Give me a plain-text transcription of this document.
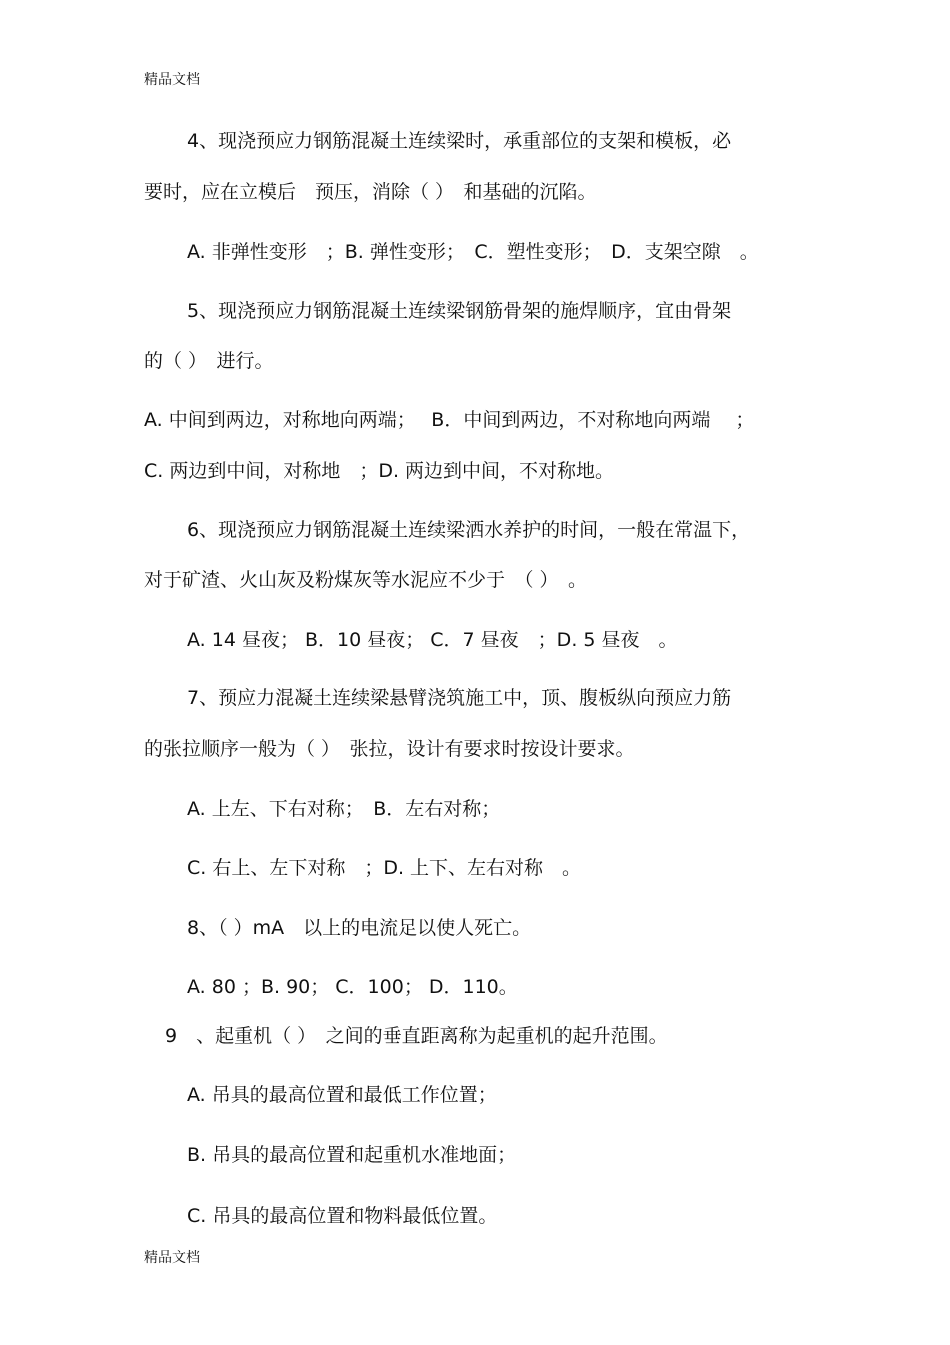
精品文档
4、现浇预应力钢筋混凝土连续梁时，承重部位的支架和模板，必
要时，应在立模后　预压，消除（ ）　和基础的沉陷。
A. 非弹性变形　；B. 弹性变形；　C．塑性变形；　D．支架空隙　。
5、现浇预应力钢筋混凝土连续梁钢筋骨架的施焊顺序，宜由骨架
的（ ）　进行。
A. 中间到两边，对称地向两端；　 B．中间到两边，不对称地向两端　 ；
C. 两边到中间，对称地　；D. 两边到中间，不对称地。
6、现浇预应力钢筋混凝土连续梁洒水养护的时间，一般在常温下，
对于矿渣、火山灰及粉煤灰等水泥应不少于　（ ）　。
A. 14 昼夜； B．10 昼夜； C．7 昼夜　；D. 5 昼夜　。
7、预应力混凝土连续梁悬臂浇筑施工中，顶、腹板纵向预应力筋
的张拉顺序一般为（ ）　张拉，设计有要求时按设计要求。
A. 上左、下右对称；　B．左右对称；
C. 右上、左下对称　；D. 上下、左右对称　。
8、（ ）mA　以上的电流足以使人死亡。
A. 80 ；B. 90； C．100； D．110。
9　、起重机（ ）　之间的垂直距离称为起重机的起升范围。
A. 吊具的最高位置和最低工作位置；
B. 吊具的最高位置和起重机水准地面；
C. 吊具的最高位置和物料最低位置。
精品文档
